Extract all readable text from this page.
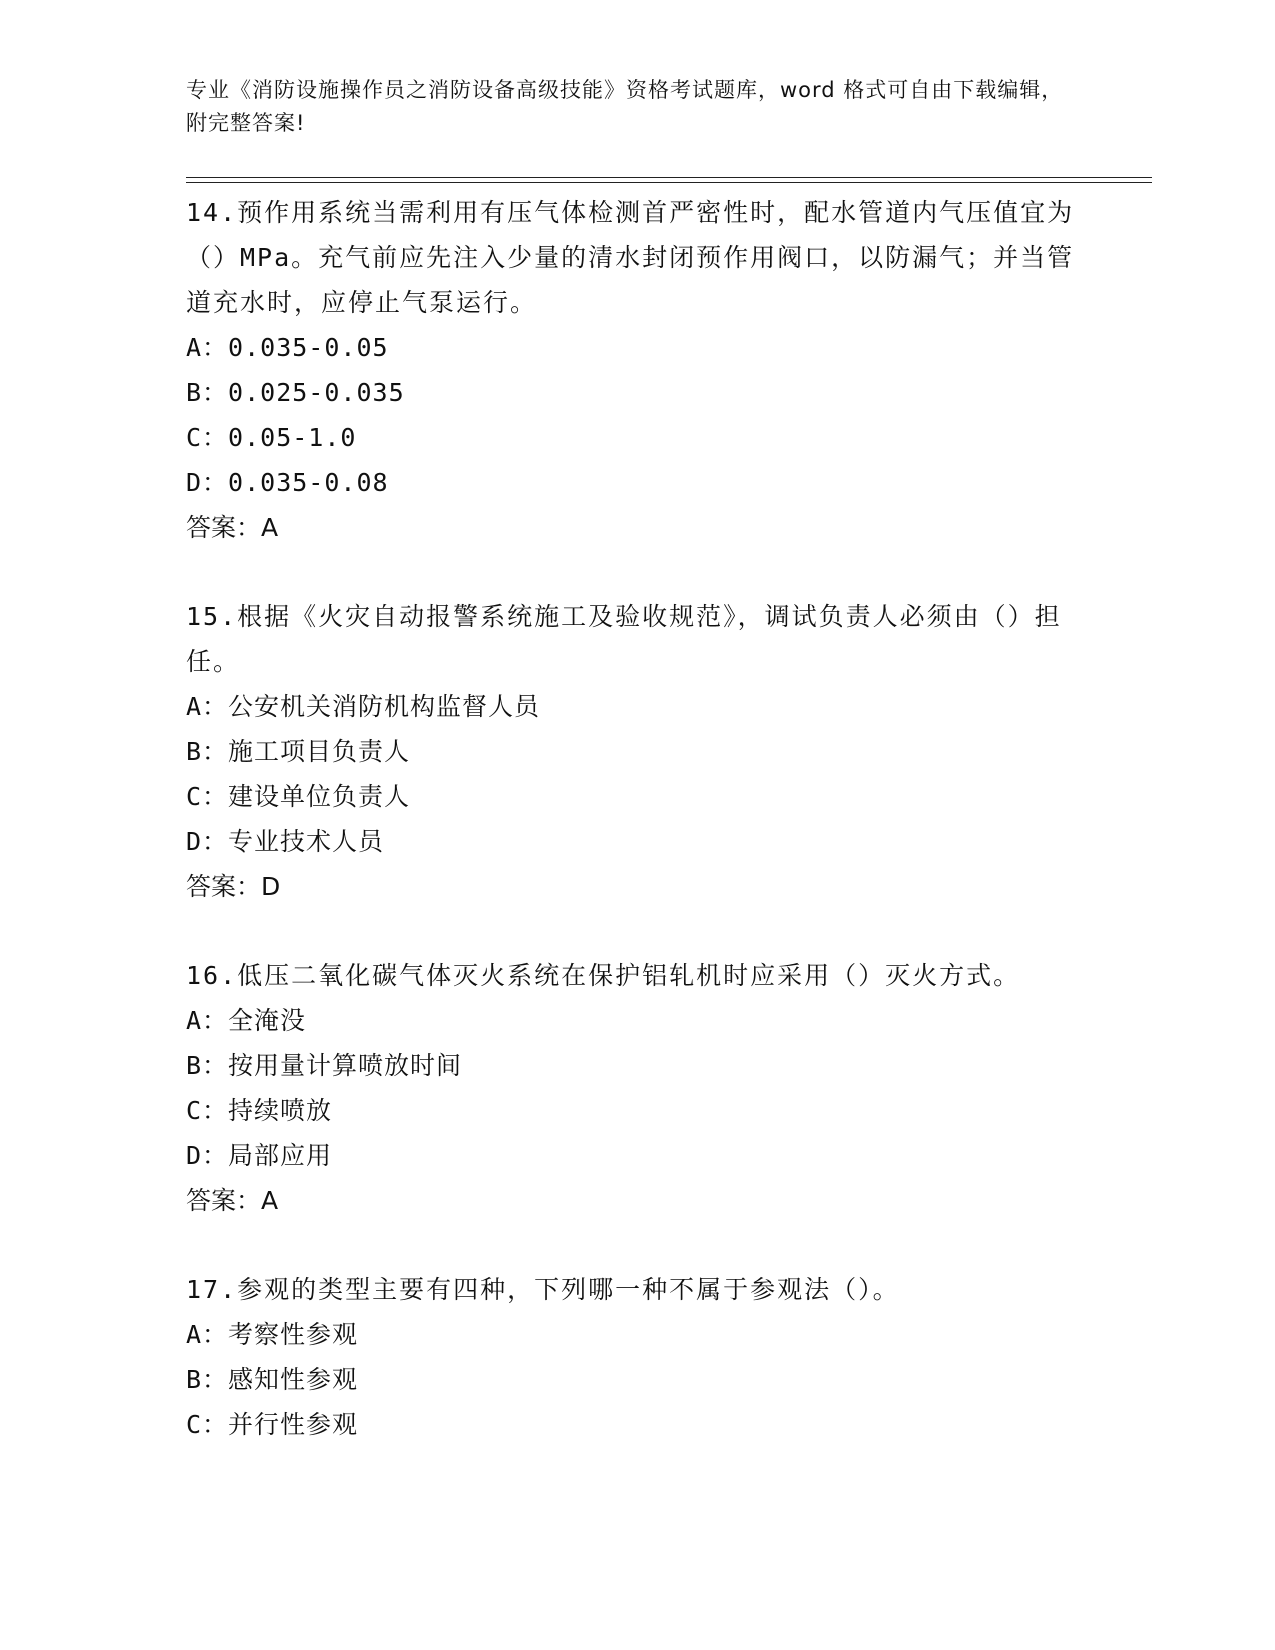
专业《消防设施操作员之消防设备高级技能》资格考试题库，word 格式可自由下载编辑，附完整答案!
14.预作用系统当需利用有压气体检测首严密性时，配水管道内气压值宜为（）MPa。充气前应先注入少量的清水封闭预作用阀口，以防漏气；并当管道充水时，应停止气泵运行。
A：0.035-0.05
B：0.025-0.035
C：0.05-1.0
D：0.035-0.08
答案：A
15.根据《火灾自动报警系统施工及验收规范》，调试负责人必须由（）担任。
A：公安机关消防机构监督人员
B：施工项目负责人
C：建设单位负责人
D：专业技术人员
答案：D
16.低压二氧化碳气体灭火系统在保护铝轧机时应采用（）灭火方式。
A：全淹没
B：按用量计算喷放时间
C：持续喷放
D：局部应用
答案：A
17.参观的类型主要有四种，下列哪一种不属于参观法（）。
A：考察性参观
B：感知性参观
C：并行性参观
